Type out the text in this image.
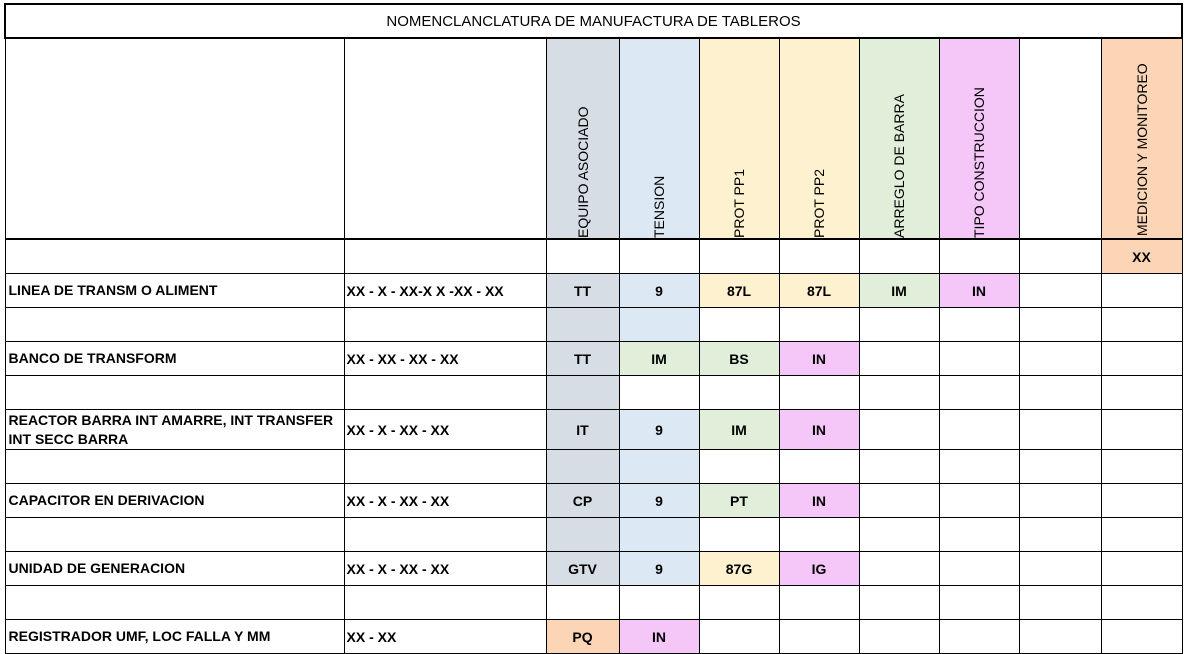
NOMENCLANCLATURA DE MANUFACTURA DE TABLEROS									

		EQUIPO ASOCIADO	TENSION	PROT PP1	PROT PP2	ARREGLO DE BARRA	TIPO CONSTRUCCION		MEDICION Y MONITOREO

									XX
LINEA DE TRANSM O ALIMENT	XX - X - XX-X X -XX - XX	TT	9	87L	87L	IM	IN		

BANCO DE TRANSFORM	XX - XX - XX - XX	TT	IM	BS	IN				

REACTOR BARRA INT AMARRE, INT TRANSFER INT SECC BARRA	XX - X - XX - XX	IT	9	IM	IN				

CAPACITOR EN DERIVACION	XX - X - XX - XX	CP	9	PT	IN				

UNIDAD DE GENERACION	XX - X - XX - XX	GTV	9	87G	IG				

REGISTRADOR UMF, LOC FALLA Y MM	XX - XX	PQ	IN						
